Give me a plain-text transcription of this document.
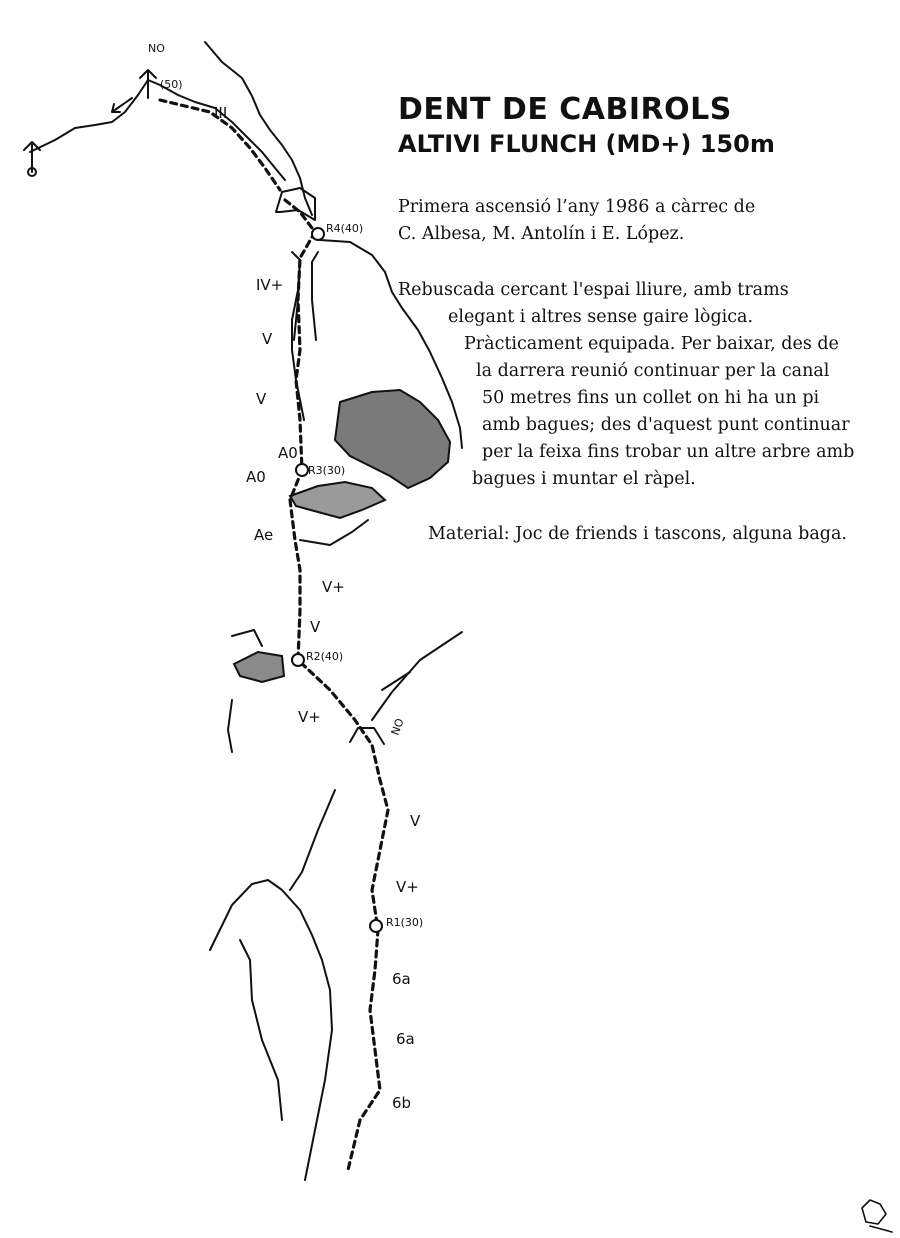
NO
(50)
III
NO
R4(40)
R3(30)
R2(40)
R1(30)
A0
A0
Ae
IV+
V
V
V+
V
V+
V
V+
6a
6a
6b
DENT DE CABIROLS
ALTIVI FLUNCH (MD+) 150m

Primera ascensió l’any 1986 a càrrec de

C. Albesa, M. Antolín i E. López.

Rebuscada cercant l'espai lliure, amb trams

elegant i altres sense gaire lògica.

Pràcticament equipada. Per baixar, des de

la darrera reunió continuar per la canal

50 metres fins un collet on hi ha un pi

amb bagues; des d'aquest punt continuar

per la feixa fins trobar un altre arbre amb

bagues i muntar el ràpel.

Material: Joc de friends i tascons, alguna baga.
